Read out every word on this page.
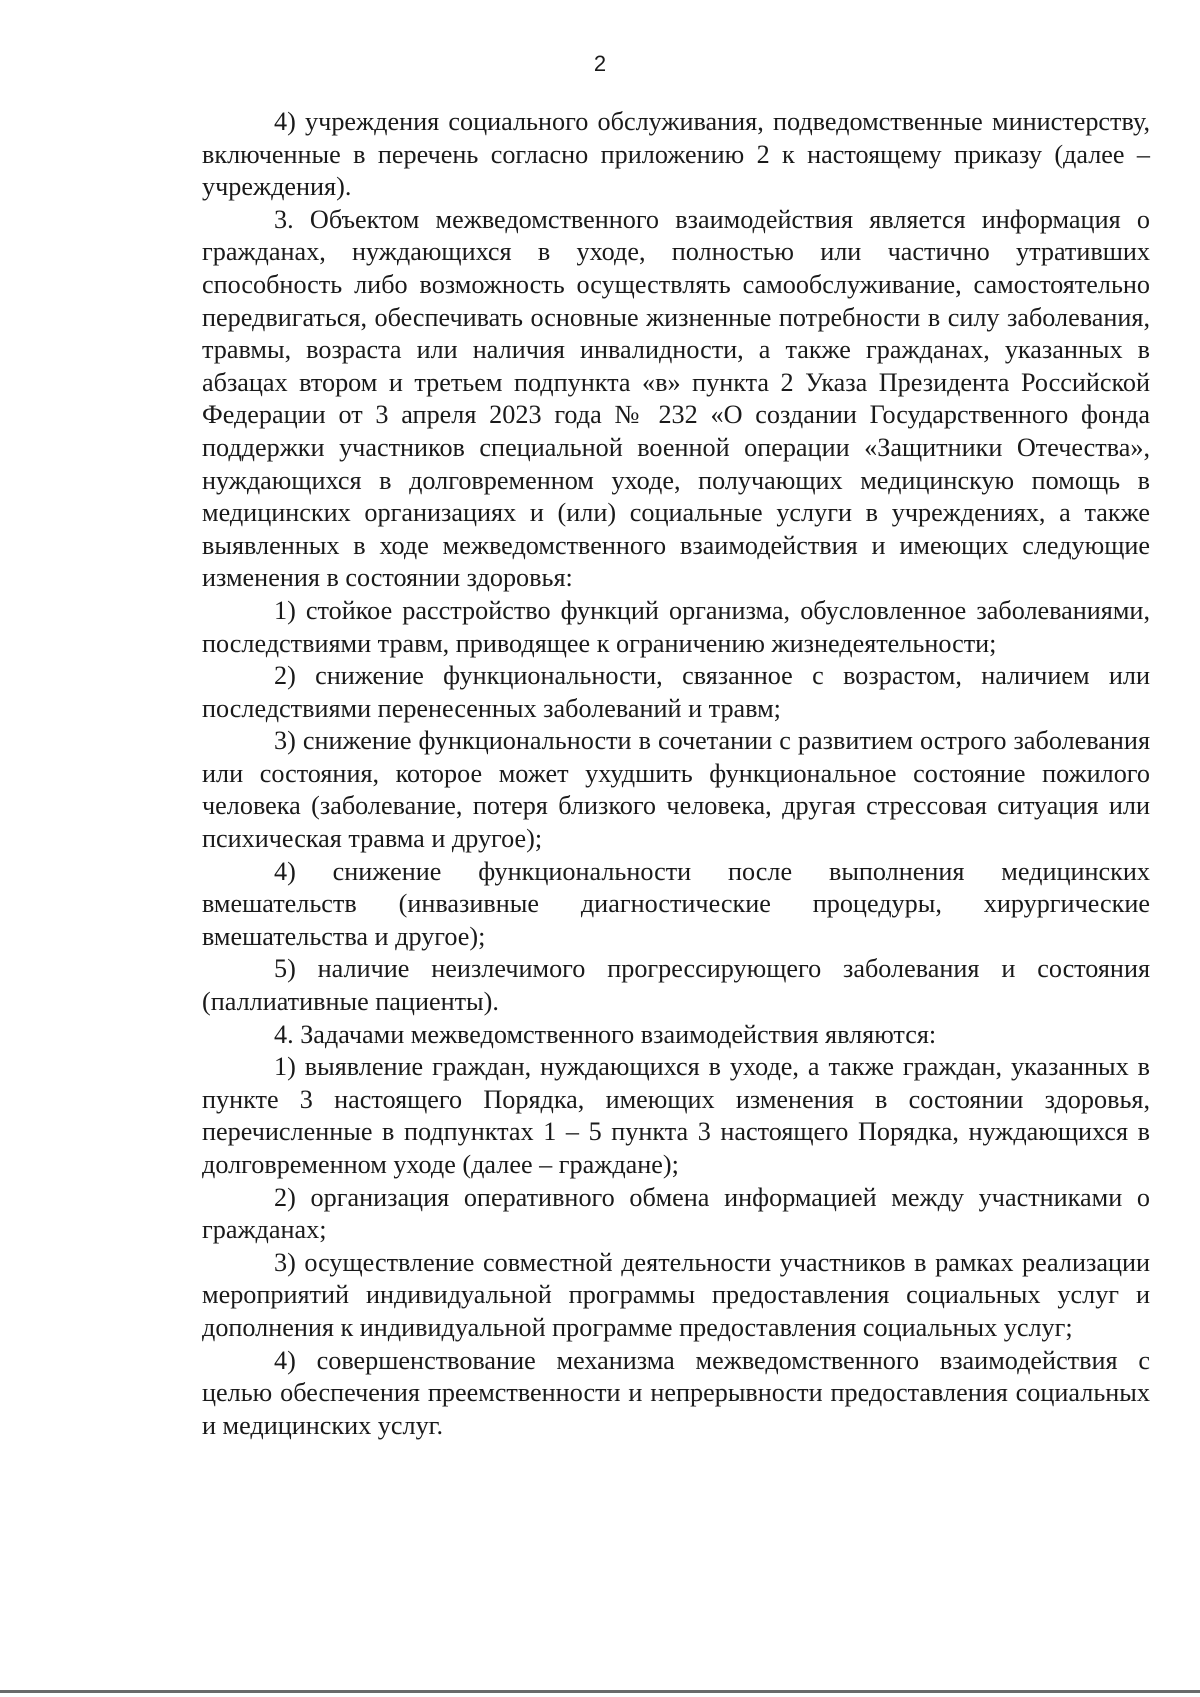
2

4) учреждения социального обслуживания, подведомственные министерству, включенные в перечень согласно приложению 2 к настоящему приказу (далее – учреждения).

3. Объектом межведомственного взаимодействия является информация о гражданах, нуждающихся в уходе, полностью или частично утративших способность либо возможность осуществлять самообслуживание, самостоятельно передвигаться, обеспечивать основные жизненные потребности в силу заболевания, травмы, возраста или наличия инвалидности, а также гражданах, указанных в абзацах втором и третьем подпункта «в» пункта 2 Указа Президента Российской Федерации от 3 апреля 2023 года № 232 «О создании Государственного фонда поддержки участников специальной военной операции «Защитники Отечества», нуждающихся в долговременном уходе, получающих медицинскую помощь в медицинских организациях и (или) социальные услуги в учреждениях, а также выявленных в ходе межведомственного взаимодействия и имеющих следующие изменения в состоянии здоровья:

1) стойкое расстройство функций организма, обусловленное заболеваниями, последствиями травм, приводящее к ограничению жизнедеятельности;

2) снижение функциональности, связанное с возрастом, наличием или последствиями перенесенных заболеваний и травм;

3) снижение функциональности в сочетании с развитием острого заболевания или состояния, которое может ухудшить функциональное состояние пожилого человека (заболевание, потеря близкого человека, другая стрессовая ситуация или психическая травма и другое);

4) снижение функциональности после выполнения медицинских вмешательств (инвазивные диагностические процедуры, хирургические вмешательства и другое);

5) наличие неизлечимого прогрессирующего заболевания и состояния (паллиативные пациенты).

4. Задачами межведомственного взаимодействия являются:

1) выявление граждан, нуждающихся в уходе, а также граждан, указанных в пункте 3 настоящего Порядка, имеющих изменения в состоянии здоровья, перечисленные в подпунктах 1 – 5 пункта 3 настоящего Порядка, нуждающихся в долговременном уходе (далее – граждане);

2) организация оперативного обмена информацией между участниками о гражданах;

3) осуществление совместной деятельности участников в рамках реализации мероприятий индивидуальной программы предоставления социальных услуг и дополнения к индивидуальной программе предоставления социальных услуг;

4) совершенствование механизма межведомственного взаимодействия с целью обеспечения преемственности и непрерывности предоставления социальных и медицинских услуг.
